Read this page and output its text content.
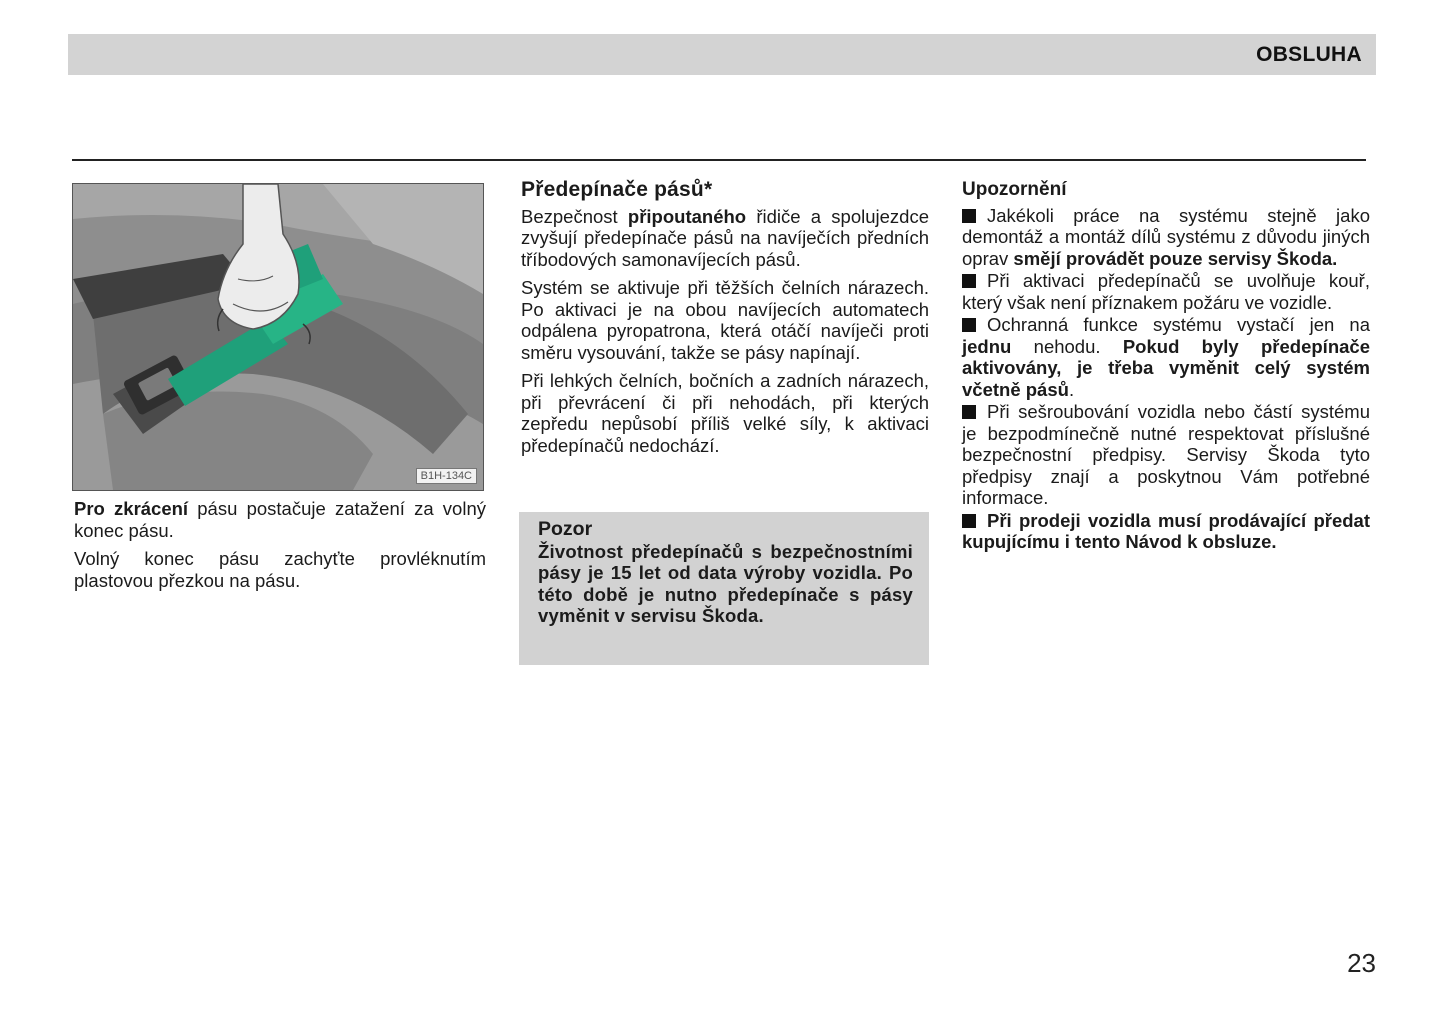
OBSLUHA
B1H-134C

Pro zkrácení pásu postačuje zatažení za volný konec pásu.

Volný konec pásu zachyťte provléknutím plastovou přezkou na pásu.

Předepínače pásů*

Bezpečnost připoutaného řidiče a spolujezdce zvyšují předepínače pásů na navíječích předních tříbodových samonavíjecích pásů.

Systém se aktivuje při těžších čelních nárazech. Po aktivaci je na obou navíjecích automatech odpálena pyropatrona, která otáčí navíječi proti směru vysouvání, takže se pásy napínají.

Při lehkých čelních, bočních a zadních nárazech, při převrácení či při nehodách, při kterých zepředu nepůsobí příliš velké síly, k aktivaci předepínačů nedochází.

Pozor
Životnost předepínačů s bezpečnostními pásy je 15 let od data výroby vozidla. Po této době je nutno předepínače s pásy vyměnit v servisu Škoda.
Upozornění

Jakékoli práce na systému stejně jako demontáž a montáž dílů systému z důvodu jiných oprav smějí provádět pouze servisy Škoda.

Při aktivaci předepínačů se uvolňuje kouř, který však není příznakem požáru ve vozidle.

Ochranná funkce systému vystačí jen na jednu nehodu. Pokud byly předepínače aktivovány, je třeba vyměnit celý systém včetně pásů.

Při sešroubování vozidla nebo částí systému je bezpodmínečně nutné respektovat příslušné bezpečnostní předpisy. Servisy Škoda tyto předpisy znají a poskytnou Vám potřebné informace.

Při prodeji vozidla musí prodávající předat kupujícímu i tento Návod k obsluze.

23
